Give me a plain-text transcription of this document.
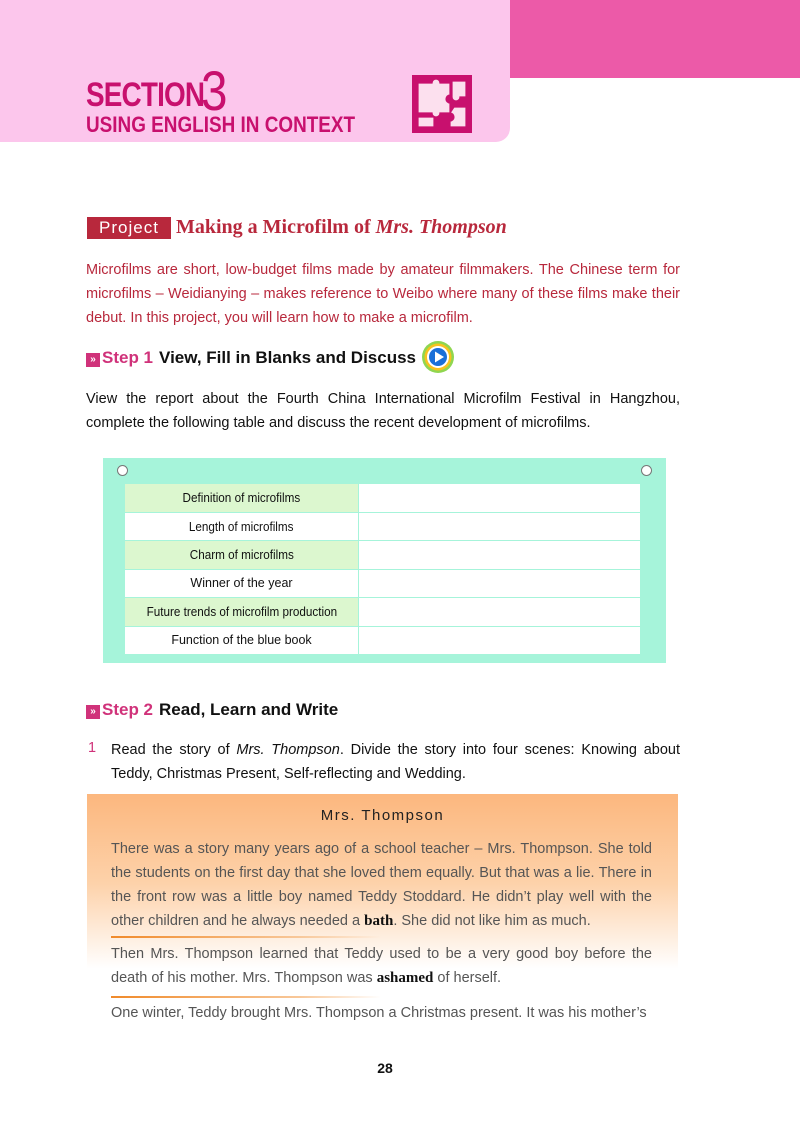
SECTION
3
USING ENGLISH IN CONTEXT
Project Making a Microfilm of Mrs. Thompson
Microfilms are short, low-budget films made by amateur filmmakers. The Chinese term for microfilms – Weidianying – makes reference to Weibo where many of these films make their debut. In this project, you will learn how to make a microfilm.
» Step 1 View, Fill in Blanks and Discuss
View the report about the Fourth China International Microfilm Festival in Hangzhou, complete the following table and discuss the recent development of microfilms.
Definition of microfilms
Length of microfilms
Charm of microfilms
Winner of the year
Future trends of microfilm production
Function of the blue book
» Step 2 Read, Learn and Write
1 Read the story of Mrs. Thompson. Divide the story into four scenes: Knowing about Teddy, Christmas Present, Self-reflecting and Wedding.
Mrs. Thompson
There was a story many years ago of a school teacher – Mrs. Thompson. She told the students on the first day that she loved them equally. But that was a lie. There in the front row was a little boy named Teddy Stoddard. He didn’t play well with the other children and he always needed a bath. She did not like him as much.
Then Mrs. Thompson learned that Teddy used to be a very good boy before the death of his mother. Mrs. Thompson was ashamed of herself.
One winter, Teddy brought Mrs. Thompson a Christmas present. It was his mother’s
28
